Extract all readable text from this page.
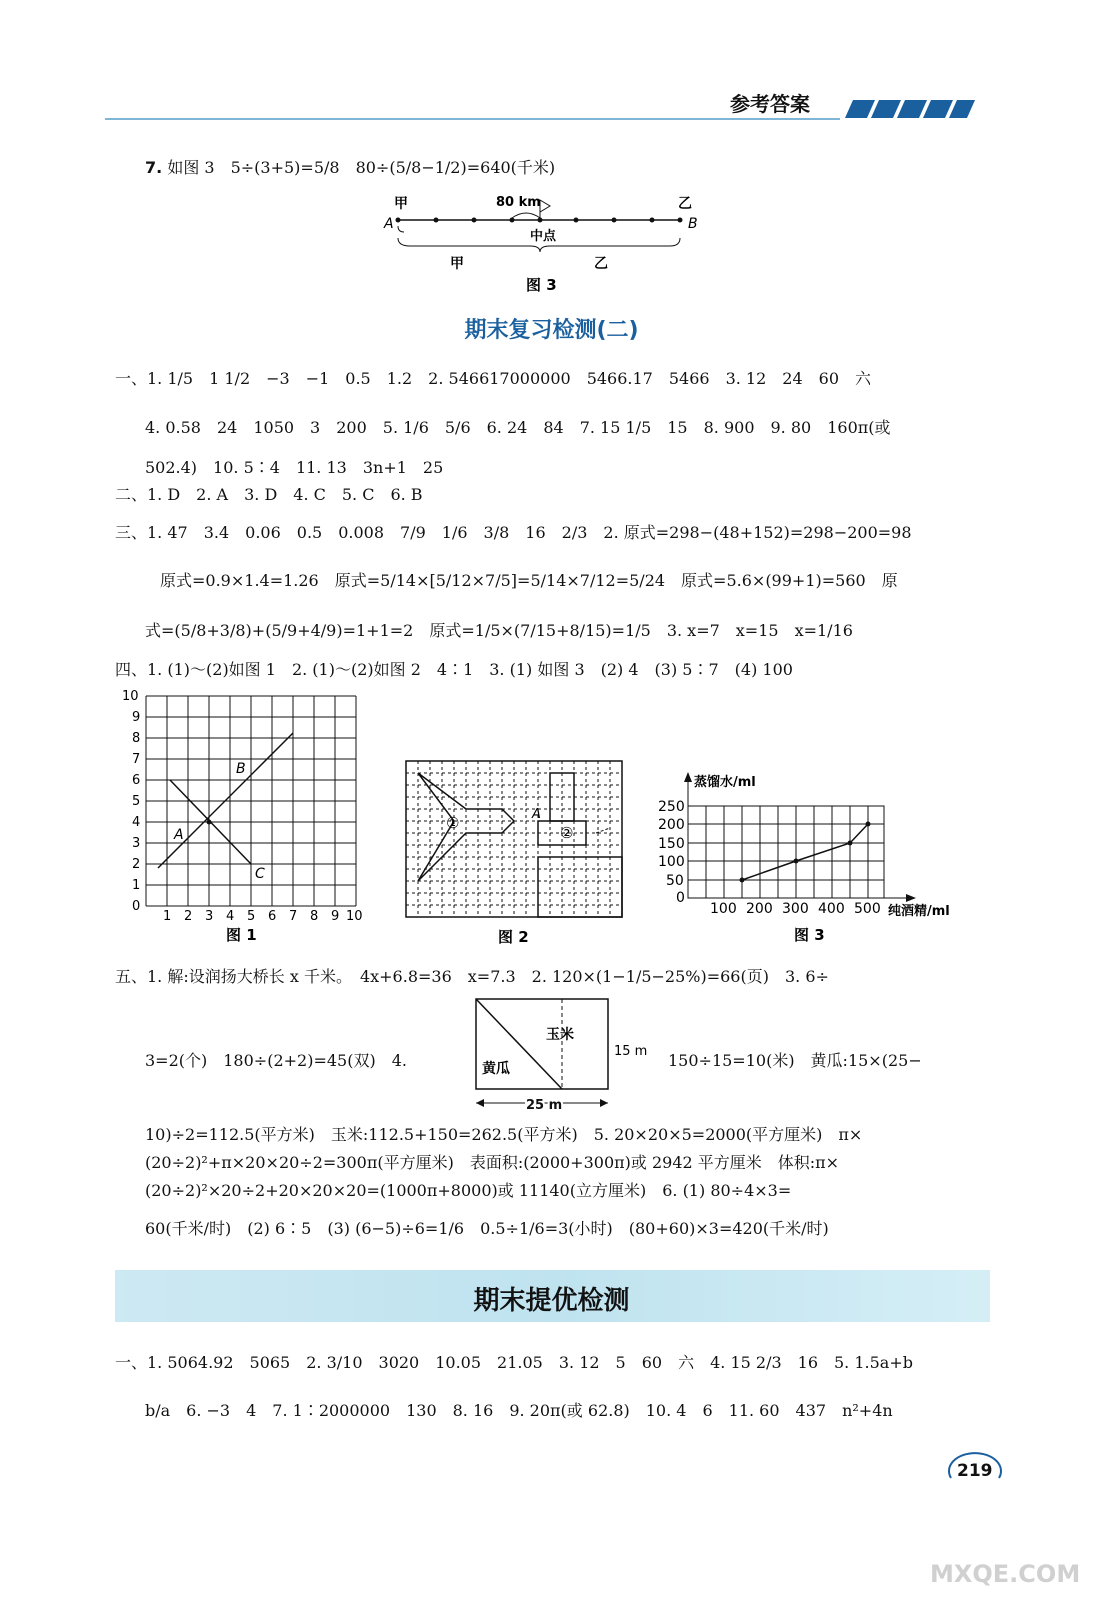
参考答案
7. 如图 3　5÷(3+5)=5/8　80÷(5/8−1/2)=640(千米)
甲	乙
A	B
80 km
中点
甲	乙
图 3
期末复习检测(二)
一、1. 1/5　1 1/2　−3　−1　0.5　1.2　2. 546617000000　5466.17　5466　3. 12　24　60　六
4. 0.58　24　1050　3　200　5. 1/6　5/6　6. 24　84　7. 15 1/5　15　8. 900　9. 80　160π(或
502.4)　10. 5∶4　11. 13　3n+1　25
二、1. D　2. A　3. D　4. C　5. C　6. B
三、1. 47　3.4　0.06　0.5　0.008　7/9　1/6　3/8　16　2/3　2. 原式=298−(48+152)=298−200=98
原式=0.9×1.4=1.26　原式=5/14×[5/12×7/5]=5/14×7/12=5/24　原式=5.6×(99+1)=560　原
式=(5/8+3/8)+(5/9+4/9)=1+1=2　原式=1/5×(7/15+8/15)=1/5　3. x=7　x=15　x=1/16
四、1. (1)～(2)如图 1　2. (1)～(2)如图 2　4∶1　3. (1) 如图 3　(2) 4　(3) 5∶7　(4) 100
10
9
8
7
6
5
4
3
2
1
0
1 2 3 4 5 6 7 8 9 10
A
B
C
图 1
A
①
②
图 2
蒸馏水/ml
纯酒精/ml
250
200
150
100
50
0
100 200 300 400 500
图 3
五、1. 解:设润扬大桥长 x 千米。　4x+6.8=36　x=7.3　2. 120×(1−1/5−25%)=66(页)　3. 6÷
3=2(个)　180÷(2+2)=45(双)　4.	150÷15=10(米)　黄瓜:15×(25−
玉米
黄瓜
15 m
25 m
10)÷2=112.5(平方米)　玉米:112.5+150=262.5(平方米)　5. 20×20×5=2000(平方厘米)　π×
(20÷2)²+π×20×20÷2=300π(平方厘米)　表面积:(2000+300π)或 2942 平方厘米　体积:π×
(20÷2)²×20÷2+20×20×20=(1000π+8000)或 11140(立方厘米)　6. (1) 80÷4×3=
60(千米/时)　(2) 6∶5　(3) (6−5)÷6=1/6　0.5÷1/6=3(小时)　(80+60)×3=420(千米/时)
期末提优检测
一、1. 5064.92　5065　2. 3/10　3020　10.05　21.05　3. 12　5　60　六　4. 15 2/3　16　5. 1.5a+b
b/a　6. −3　4　7. 1∶2000000　130　8. 16　9. 20π(或 62.8)　10. 4　6　11. 60　437　n²+4n
219
MXQE.COM
